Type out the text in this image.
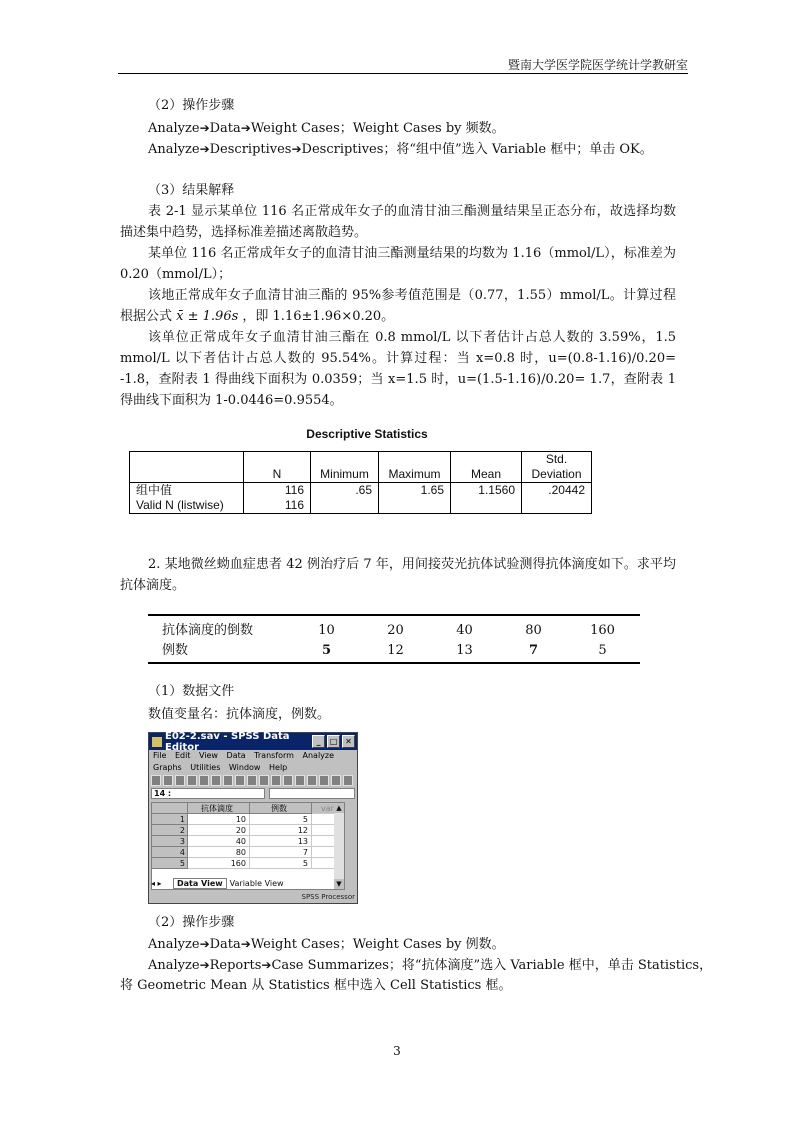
暨南大学医学院医学统计学教研室
（2）操作步骤
Analyze➔Data➔Weight Cases；Weight Cases by 频数。
Analyze➔Descriptives➔Descriptives；将“组中值”选入 Variable 框中；单击 OK。
（3）结果解释
表 2-1 显示某单位 116 名正常成年女子的血清甘油三酯测量结果呈正态分布，故选择均数描述集中趋势，选择标准差描述离散趋势。
某单位 116 名正常成年女子的血清甘油三酯测量结果的均数为 1.16（mmol/L），标准差为 0.20（mmol/L）；
该地正常成年女子血清甘油三酯的 95%参考值范围是（0.77，1.55）mmol/L。计算过程根据公式 x̄ ± 1.96s ，即 1.16±1.96×0.20。
该单位正常成年女子血清甘油三酯在 0.8 mmol/L 以下者估计占总人数的 3.59%，1.5 mmol/L 以下者估计占总人数的 95.54%。计算过程：当 x=0.8 时，u=(0.8-1.16)/0.20= -1.8，查附表 1 得曲线下面积为 0.0359；当 x=1.5 时，u=(1.5-1.16)/0.20= 1.7，查附表 1 得曲线下面积为 1-0.0446=0.9554。
Descriptive Statistics
	N	Minimum	Maximum	Mean	Std.
Deviation
组中值	116	.65	1.65	1.1560	.20442
Valid N (listwise)	116				
2. 某地微丝蚴血症患者 42 例治疗后 7 年，用间接荧光抗体试验测得抗体滴度如下。求平均抗体滴度。
抗体滴度的倒数	10	20	40	80	160
例数	5	12	13	7	5
（1）数据文件
数值变量名：抗体滴度，例数。
E02-2.sav - SPSS Data Editor	_	□ ✕
File Edit View Data Transform Analyze
Graphs Utilities Window Help
14 :
抗体滴度	例数	var
1	10	5
2	20	12
3	40	13
4	80	7
5	160	5
▲
▼
◂ ▸	Data View Variable View
SPSS Processor
（2）操作步骤
Analyze➔Data➔Weight Cases；Weight Cases by 例数。
Analyze➔Reports➔Case Summarizes；将“抗体滴度”选入 Variable 框中，单击 Statistics，
将 Geometric Mean 从 Statistics 框中选入 Cell Statistics 框。
3
